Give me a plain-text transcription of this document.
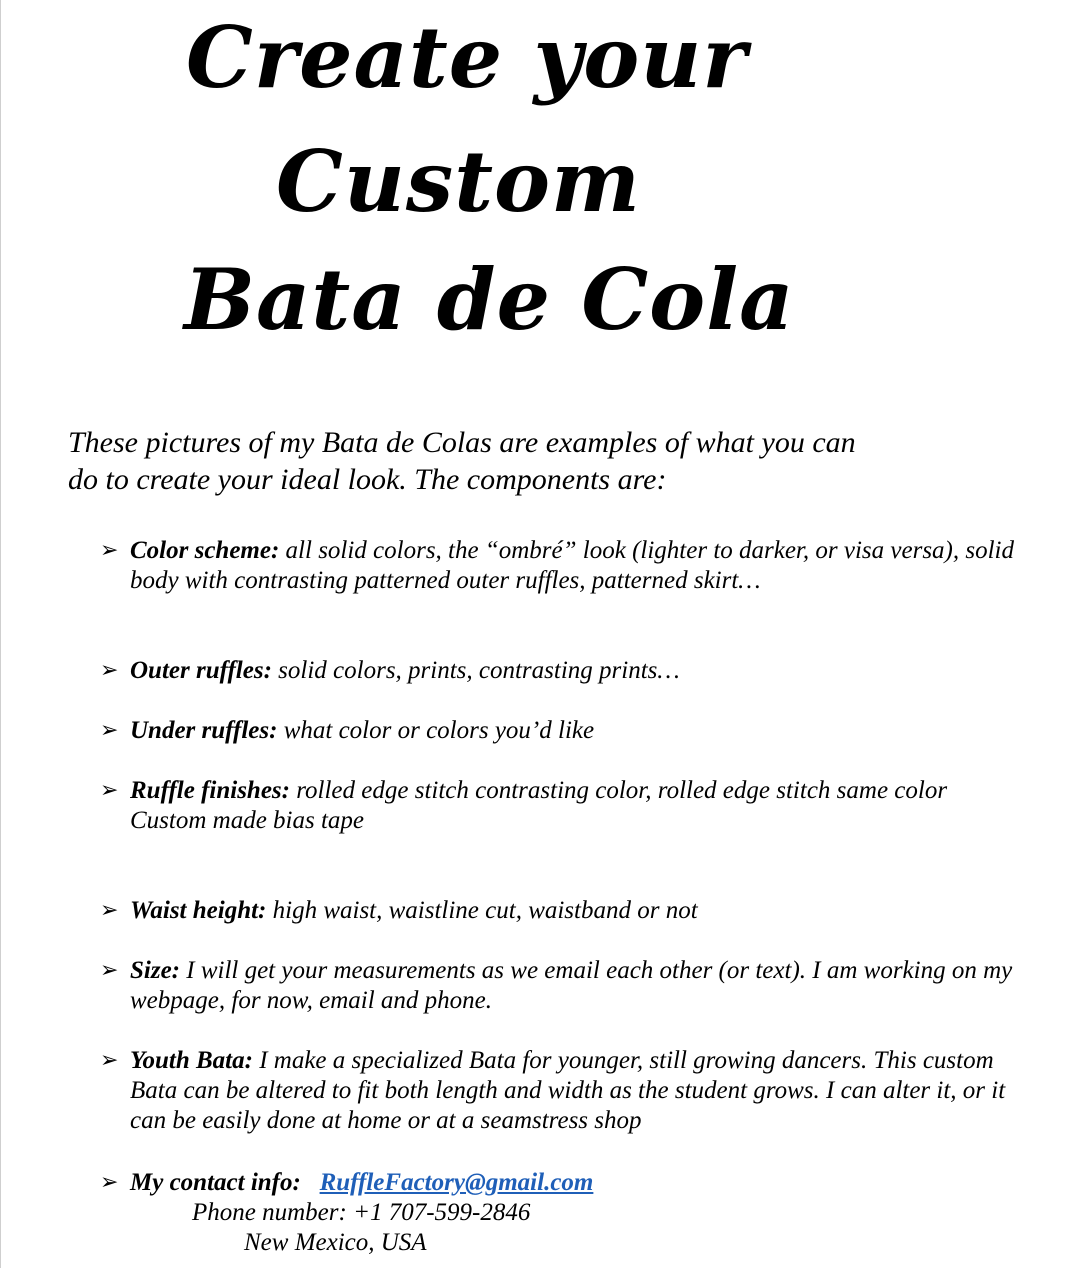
Create your
Custom
Bata de Cola

These pictures of my Bata de Colas are examples of what you can
do to create your ideal look. The components are:

➢ Color scheme: all solid colors, the “ombré” look (lighter to darker, or visa versa), solid body with contrasting patterned outer ruffles, patterned skirt…
➢ Outer ruffles: solid colors, prints, contrasting prints…
➢ Under ruffles: what color or colors you’d like
➢ Ruffle finishes: rolled edge stitch contrasting color, rolled edge stitch same color
Custom made bias tape
➢ Waist height: high waist, waistline cut, waistband or not
➢ Size: I will get your measurements as we email each other (or text). I am working on my webpage, for now, email and phone.
➢ Youth Bata: I make a specialized Bata for younger, still growing dancers. This custom Bata can be altered to fit both length and width as the student grows. I can alter it, or it can be easily done at home or at a seamstress shop
➢ My contact info: RuffleFactory@gmail.com
Phone number: +1 707-599-2846
New Mexico, USA
